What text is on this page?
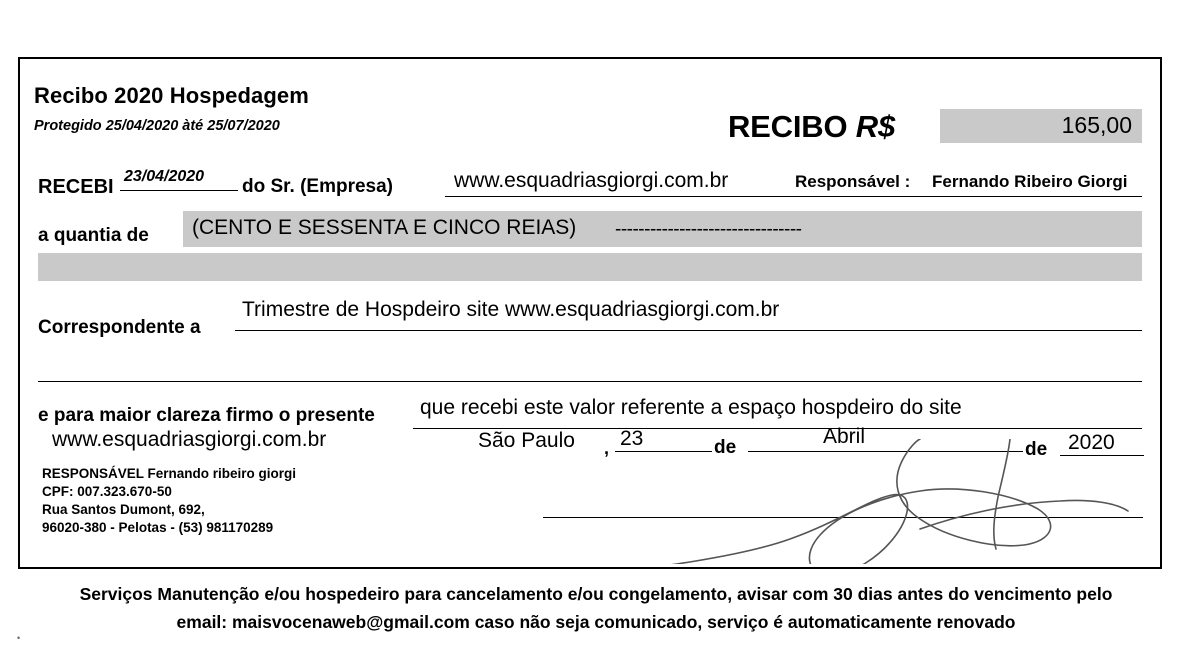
Recibo 2020 Hospedagem
Protegido 25/04/2020 àté 25/07/2020	RECIBO R$	165,00
RECEBI 23/04/2020 do Sr. (Empresa)	www.esquadriasgiorgi.com.br	Responsável : Fernando Ribeiro Giorgi
a quantia de (CENTO E SESSENTA E CINCO REIAS) --------------------------------
Correspondente a
Trimestre de Hospdeiro site www.esquadriasgiorgi.com.br
e para maior clareza firmo o presente que recebi este valor referente a espaço hospdeiro do site
www.esquadriasgiorgi.com.br	São Paulo , 23	de	Abril
de 2020
RESPONSÁVEL Fernando ribeiro giorgi
CPF: 007.323.670-50
Rua Santos Dumont, 692,
96020-380 - Pelotas - (53) 981170289
Serviços Manutenção e/ou hospedeiro para cancelamento e/ou congelamento, avisar com 30 dias antes do vencimento pelo
email: maisvocenaweb@gmail.com caso não seja comunicado, serviço é automaticamente renovado
•
